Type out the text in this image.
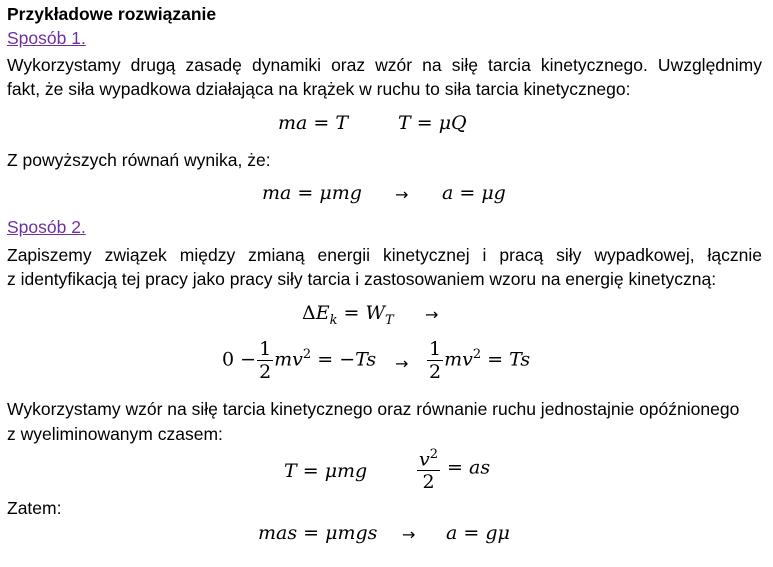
Przykładowe rozwiązanie
Sposób 1.
Wykorzystamy drugą zasadę dynamiki oraz wzór na siłę tarcia kinetycznego. Uwzględnimy
fakt, że siła wypadkowa działająca na krążek w ruchu to siła tarcia kinetycznego:
ma = T	T = μQ
Z powyższych równań wynika, że:
ma = μmg → a = μg
Sposób 2.
Zapiszemy związek między zmianą energii kinetycznej i pracą siły wypadkowej, łącznie
z identyfikacją tej pracy jako pracy siły tarcia i zastosowaniem wzoru na energię kinetyczną:
$\Delta E_k = W_T$ →
$0 - \frac{1}{2} mv^2 = -Ts \to \frac{1}{2} mv^2 = Ts$
Wykorzystamy wzór na siłę tarcia kinetycznego oraz równanie ruchu jednostajnie opóźnionego
z wyeliminowanym czasem:
T = μmg	$\frac{v^2}{2}$ = as
Zatem:
mas = μmgs → a = gμ
